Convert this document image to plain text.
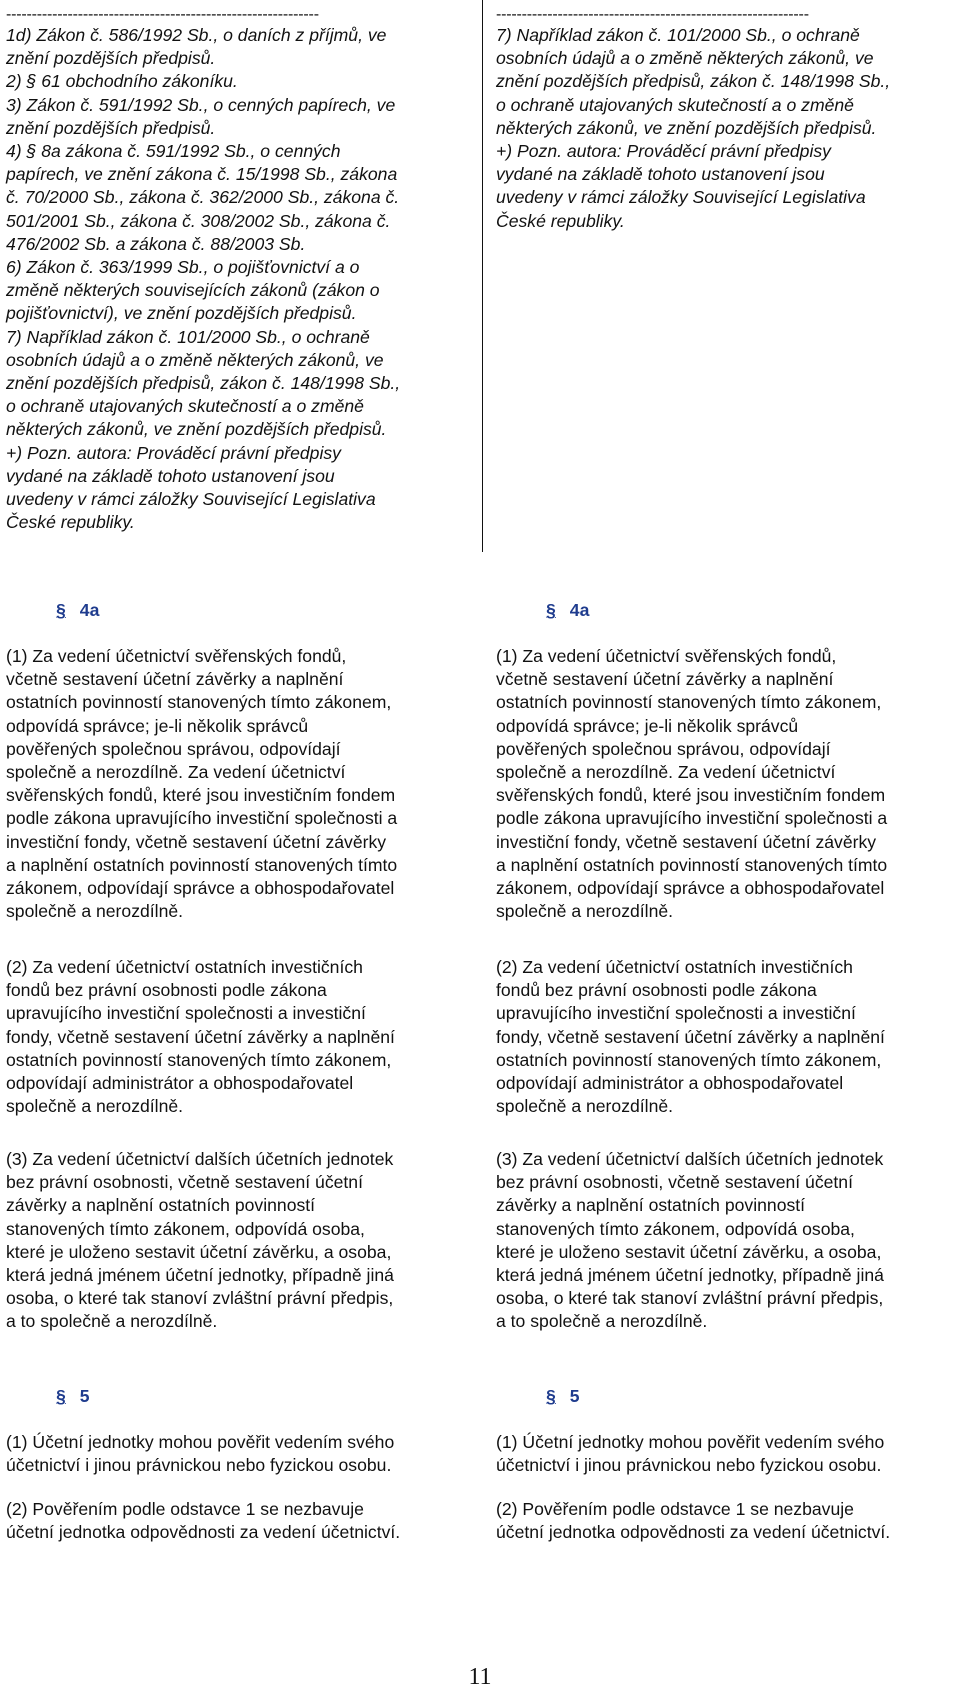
-------------------------------------------------------------
1d) Zákon č. 586/1992 Sb., o daních z příjmů, ve
znění pozdějších předpisů.
2) § 61 obchodního zákoníku.
3) Zákon č. 591/1992 Sb., o cenných papírech, ve
znění pozdějších předpisů.
4) § 8a zákona č. 591/1992 Sb., o cenných
papírech, ve znění zákona č. 15/1998 Sb., zákona
č. 70/2000 Sb., zákona č. 362/2000 Sb., zákona č.
501/2001 Sb., zákona č. 308/2002 Sb., zákona č.
476/2002 Sb. a zákona č. 88/2003 Sb.
6) Zákon č. 363/1999 Sb., o pojišťovnictví a o
změně některých souvisejících zákonů (zákon o
pojišťovnictví), ve znění pozdějších předpisů.
7) Například zákon č. 101/2000 Sb., o ochraně
osobních údajů a o změně některých zákonů, ve
znění pozdějších předpisů, zákon č. 148/1998 Sb.,
o ochraně utajovaných skutečností a o změně
některých zákonů, ve znění pozdějších předpisů.
+) Pozn. autora: Prováděcí právní předpisy
vydané na základě tohoto ustanovení jsou
uvedeny v rámci záložky Související Legislativa
České republiky.
-------------------------------------------------------------
7) Například zákon č. 101/2000 Sb., o ochraně
osobních údajů a o změně některých zákonů, ve
znění pozdějších předpisů, zákon č. 148/1998 Sb.,
o ochraně utajovaných skutečností a o změně
některých zákonů, ve znění pozdějších předpisů.
+) Pozn. autora: Prováděcí právní předpisy
vydané na základě tohoto ustanovení jsou
uvedeny v rámci záložky Související Legislativa
České republiky.
§ 4a	§ 4a
(1) Za vedení účetnictví svěřenských fondů,
včetně sestavení účetní závěrky a naplnění
ostatních povinností stanovených tímto zákonem,
odpovídá správce; je-li několik správců
pověřených společnou správou, odpovídají
společně a nerozdílně. Za vedení účetnictví
svěřenských fondů, které jsou investičním fondem
podle zákona upravujícího investiční společnosti a
investiční fondy, včetně sestavení účetní závěrky
a naplnění ostatních povinností stanovených tímto
zákonem, odpovídají správce a obhospodařovatel
společně a nerozdílně.
(2) Za vedení účetnictví ostatních investičních
fondů bez právní osobnosti podle zákona
upravujícího investiční společnosti a investiční
fondy, včetně sestavení účetní závěrky a naplnění
ostatních povinností stanovených tímto zákonem,
odpovídají administrátor a obhospodařovatel
společně a nerozdílně.
(3) Za vedení účetnictví dalších účetních jednotek
bez právní osobnosti, včetně sestavení účetní
závěrky a naplnění ostatních povinností
stanovených tímto zákonem, odpovídá osoba,
které je uloženo sestavit účetní závěrku, a osoba,
která jedná jménem účetní jednotky, případně jiná
osoba, o které tak stanoví zvláštní právní předpis,
a to společně a nerozdílně.
(1) Za vedení účetnictví svěřenských fondů,
včetně sestavení účetní závěrky a naplnění
ostatních povinností stanovených tímto zákonem,
odpovídá správce; je-li několik správců
pověřených společnou správou, odpovídají
společně a nerozdílně. Za vedení účetnictví
svěřenských fondů, které jsou investičním fondem
podle zákona upravujícího investiční společnosti a
investiční fondy, včetně sestavení účetní závěrky
a naplnění ostatních povinností stanovených tímto
zákonem, odpovídají správce a obhospodařovatel
společně a nerozdílně.
(2) Za vedení účetnictví ostatních investičních
fondů bez právní osobnosti podle zákona
upravujícího investiční společnosti a investiční
fondy, včetně sestavení účetní závěrky a naplnění
ostatních povinností stanovených tímto zákonem,
odpovídají administrátor a obhospodařovatel
společně a nerozdílně.
(3) Za vedení účetnictví dalších účetních jednotek
bez právní osobnosti, včetně sestavení účetní
závěrky a naplnění ostatních povinností
stanovených tímto zákonem, odpovídá osoba,
které je uloženo sestavit účetní závěrku, a osoba,
která jedná jménem účetní jednotky, případně jiná
osoba, o které tak stanoví zvláštní právní předpis,
a to společně a nerozdílně.
§ 5	§ 5
(1) Účetní jednotky mohou pověřit vedením svého
účetnictví i jinou právnickou nebo fyzickou osobu.
(2) Pověřením podle odstavce 1 se nezbavuje
účetní jednotka odpovědnosti za vedení účetnictví.
(1) Účetní jednotky mohou pověřit vedením svého
účetnictví i jinou právnickou nebo fyzickou osobu.
(2) Pověřením podle odstavce 1 se nezbavuje
účetní jednotka odpovědnosti za vedení účetnictví.
11
